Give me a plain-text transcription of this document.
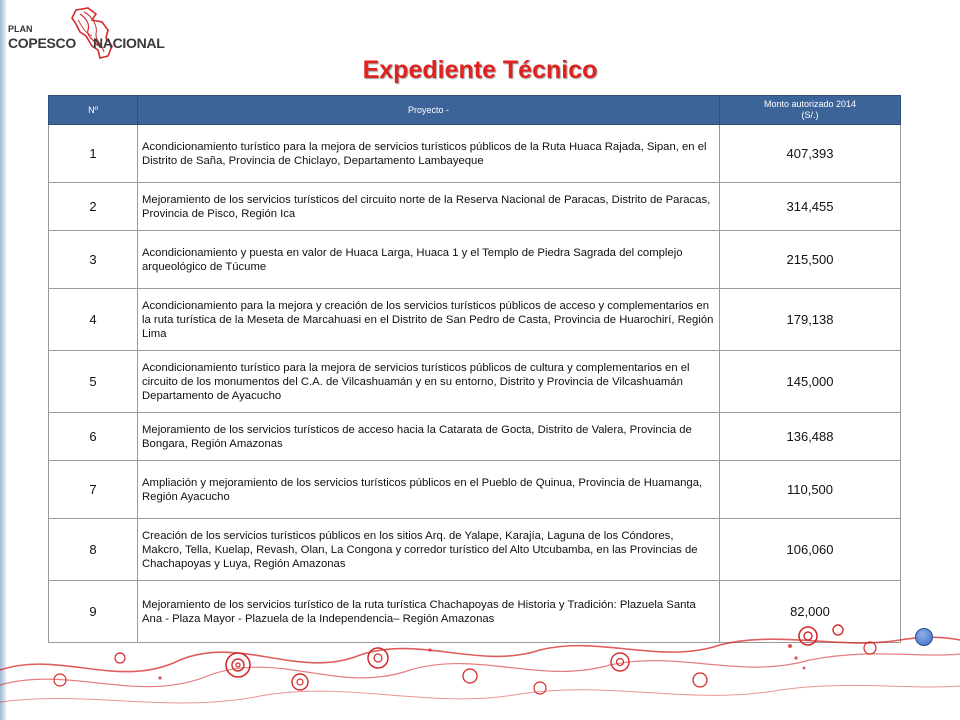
PLAN
COPESCO NACIONAL
Expediente Técnico
Nº	Proyecto -	Monto autorizado 2014
(S/.)
1	Acondicionamiento turístico para la mejora de servicios turísticos públicos de la Ruta Huaca Rajada, Sipan, en el Distrito de Saña, Provincia de Chiclayo, Departamento Lambayeque	407,393
2	Mejoramiento de los servicios turísticos del circuito norte de la Reserva Nacional de Paracas, Distrito de Paracas, Provincia de Pisco, Región Ica	314,455
3	Acondicionamiento y puesta en valor de Huaca Larga, Huaca 1 y el Templo de Piedra Sagrada del complejo arqueológico de Túcume	215,500
4	Acondicionamiento para la mejora y creación de los servicios turísticos públicos de acceso y complementarios en la ruta turística de la Meseta de Marcahuasi en el Distrito de San Pedro de Casta, Provincia de Huarochirí, Región Lima	179,138
5	Acondicionamiento turístico para la mejora de servicios turísticos públicos de cultura y complementarios en el circuito de los monumentos del C.A. de Vilcashuamán y en su entorno, Distrito y Provincia de Vilcashuamán Departamento de Ayacucho	145,000
6	Mejoramiento de los servicios turísticos de acceso hacia la Catarata de Gocta, Distrito de Valera, Provincia de Bongara, Región Amazonas	136,488
7	Ampliación y mejoramiento de los servicios turísticos públicos en el Pueblo de Quinua, Provincia de Huamanga, Región Ayacucho	110,500
8	Creación de los servicios turísticos públicos en los sitios Arq. de Yalape, Karajía, Laguna de los Cóndores, Makcro, Tella, Kuelap, Revash, Olan, La Congona y corredor turístico del Alto Utcubamba, en las Provincias de Chachapoyas y Luya, Región Amazonas	106,060
9	Mejoramiento de los servicios turístico de la ruta turística Chachapoyas de Historia y Tradición: Plazuela Santa Ana - Plaza Mayor - Plazuela de la Independencia– Región Amazonas	82,000
